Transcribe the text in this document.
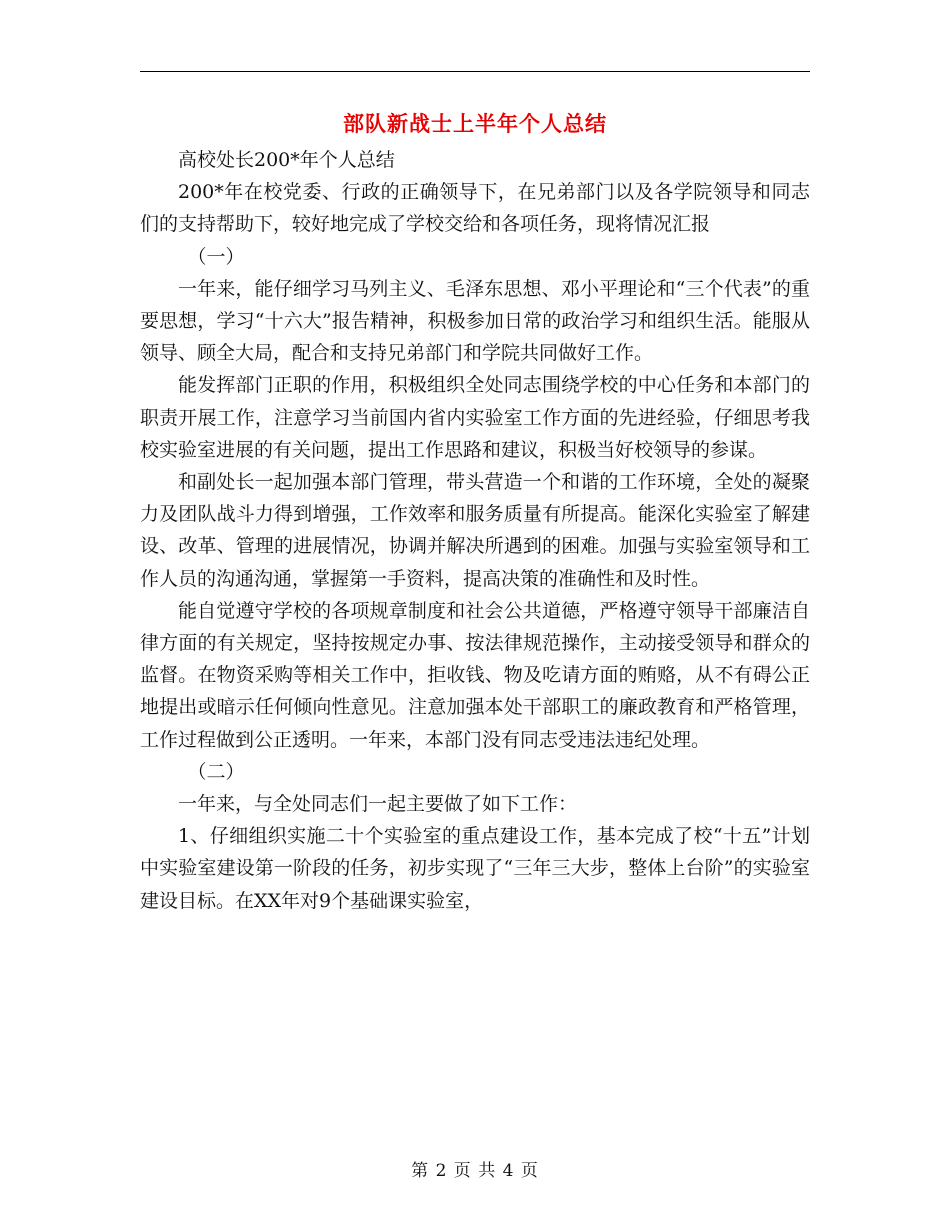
部队新战士上半年个人总结

高校处长200*年个人总结

200*年在校党委、行政的正确领导下，在兄弟部门以及各学院领导和同志们的支持帮助下，较好地完成了学校交给和各项任务，现将情况汇报

（一）

一年来，能仔细学习马列主义、毛泽东思想、邓小平理论和“三个代表”的重要思想，学习“十六大”报告精神，积极参加日常的政治学习和组织生活。能服从领导、顾全大局，配合和支持兄弟部门和学院共同做好工作。

能发挥部门正职的作用，积极组织全处同志围绕学校的中心任务和本部门的职责开展工作，注意学习当前国内省内实验室工作方面的先进经验，仔细思考我校实验室进展的有关问题，提出工作思路和建议，积极当好校领导的参谋。

和副处长一起加强本部门管理，带头营造一个和谐的工作环境，全处的凝聚力及团队战斗力得到增强，工作效率和服务质量有所提高。能深化实验室了解建设、改革、管理的进展情况，协调并解决所遇到的困难。加强与实验室领导和工作人员的沟通沟通，掌握第一手资料，提高决策的准确性和及时性。

能自觉遵守学校的各项规章制度和社会公共道德，严格遵守领导干部廉洁自律方面的有关规定，坚持按规定办事、按法律规范操作，主动接受领导和群众的监督。在物资采购等相关工作中，拒收钱、物及吃请方面的贿赂，从不有碍公正地提出或暗示任何倾向性意见。注意加强本处干部职工的廉政教育和严格管理，工作过程做到公正透明。一年来，本部门没有同志受违法违纪处理。

（二）

一年来，与全处同志们一起主要做了如下工作：

1、仔细组织实施二十个实验室的重点建设工作，基本完成了校“十五”计划中实验室建设第一阶段的任务，初步实现了“三年三大步，整体上台阶”的实验室建设目标。在XX年对9个基础课实验室，

第 2 页 共 4 页
